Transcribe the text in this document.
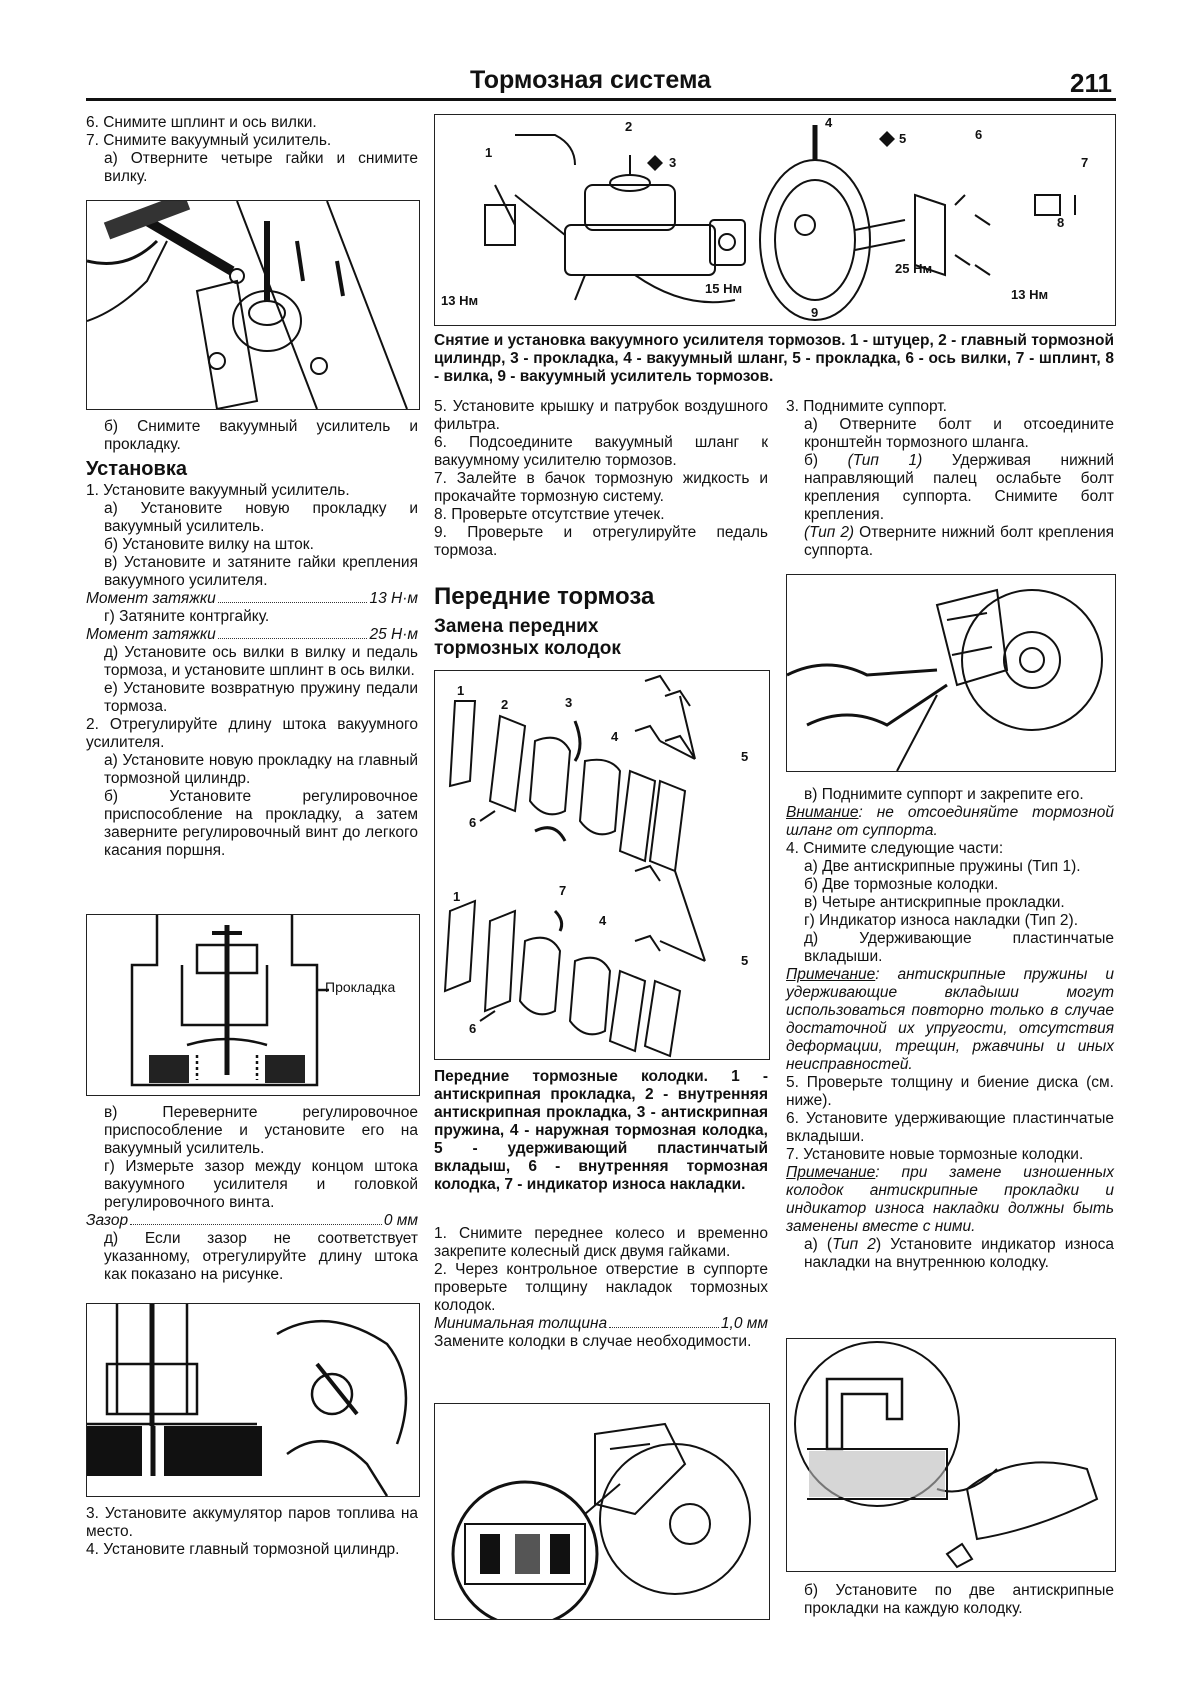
Тормозная система	211

6. Снимите шплинт и ось вилки.

7. Снимите вакуумный усилитель.

а) Отверните четыре гайки и снимите вилку.

б) Снимите вакуумный усилитель и прокладку.

Установка

1. Установите вакуумный усилитель.

а) Установите новую прокладку и вакуумный усилитель.

б) Установите вилку на шток.

в) Установите и затяните гайки крепления вакуумного усилителя.

Момент затяжки	13 Н·м

г) Затяните контргайку.

Момент затяжки	25 Н·м

д) Установите ось вилки в вилку и педаль тормоза, и установите шплинт в ось вилки.

е) Установите возвратную пружину педали тормоза.

2. Отрегулируйте длину штока вакуумного усилителя.

а) Установите новую прокладку на главный тормозной цилиндр.

б) Установите регулировочное приспособление на прокладку, а затем заверните регулировочный винт до легкого касания поршня.

Прокладка

в) Переверните регулировочное приспособление и установите его на вакуумный усилитель.

г) Измерьте зазор между концом штока вакуумного усилителя и головкой регулировочного винта.

Зазор	0 мм

д) Если зазор не соответствует указанному, отрегулируйте длину штока как показано на рисунке.

3. Установите аккумулятор паров топлива на место.

4. Установите главный тормозной цилиндр.

1
2
3
4
5	6
7
8
9
13 Нм
15 Нм
25 Нм
13 Нм
Снятие и установка вакуумного усилителя тормозов. 1 - штуцер, 2 - главный тормозной цилиндр, 3 - прокладка, 4 - вакуумный шланг, 5 - прокладка, 6 - ось вилки, 7 - шплинт, 8 - вилка, 9 - вакуумный усилитель тормозов.

5. Установите крышку и патрубок воздушного фильтра.

6. Подсоедините вакуумный шланг к вакуумному усилителю тормозов.

7. Залейте в бачок тормозную жидкость и прокачайте тормозную систему.

8. Проверьте отсутствие утечек.

9. Проверьте и отрегулируйте педаль тормоза.

Передние тормоза
Замена передних тормозных колодок
1
2	3
4
5
6
1	7
4
5
6
Передние тормозные колодки. 1 - антискрипная прокладка, 2 - внутренняя антискрипная прокладка, 3 - антискрипная пружина, 4 - наружная тормозная колодка, 5 - удерживающий пластинчатый вкладыш, 6 - внутренняя тормозная колодка, 7 - индикатор износа накладки.

1. Снимите переднее колесо и временно закрепите колесный диск двумя гайками.

2. Через контрольное отверстие в суппорте проверьте толщину накладок тормозных колодок.

Минимальная толщина	1,0 мм

Замените колодки в случае необходимости.

3. Поднимите суппорт.

а) Отверните болт и отсоедините кронштейн тормозного шланга.

б) (Тип 1) Удерживая нижний направляющий палец ослабьте болт крепления суппорта. Снимите болт крепления.

(Тип 2) Отверните нижний болт крепления суппорта.

в) Поднимите суппорт и закрепите его.

Внимание: не отсоединяйте тормозной шланг от суппорта.

4. Снимите следующие части:

а) Две антискрипные пружины (Тип 1).

б) Две тормозные колодки.

в) Четыре антискрипные прокладки.

г) Индикатор износа накладки (Тип 2).

д) Удерживающие пластинчатые вкладыши.

Примечание: антискрипные пружины и удерживающие вкладыши могут использоваться повторно только в случае достаточной их упругости, отсутствия деформации, трещин, ржавчины и иных неисправностей.

5. Проверьте толщину и биение диска (см. ниже).

6. Установите удерживающие пластинчатые вкладыши.

7. Установите новые тормозные колодки.

Примечание: при замене изношенных колодок антискрипные прокладки и индикатор износа накладки должны быть заменены вместе с ними.

а) (Тип 2) Установите индикатор износа накладки на внутреннюю колодку.

б) Установите по две антискрипные прокладки на каждую колодку.
